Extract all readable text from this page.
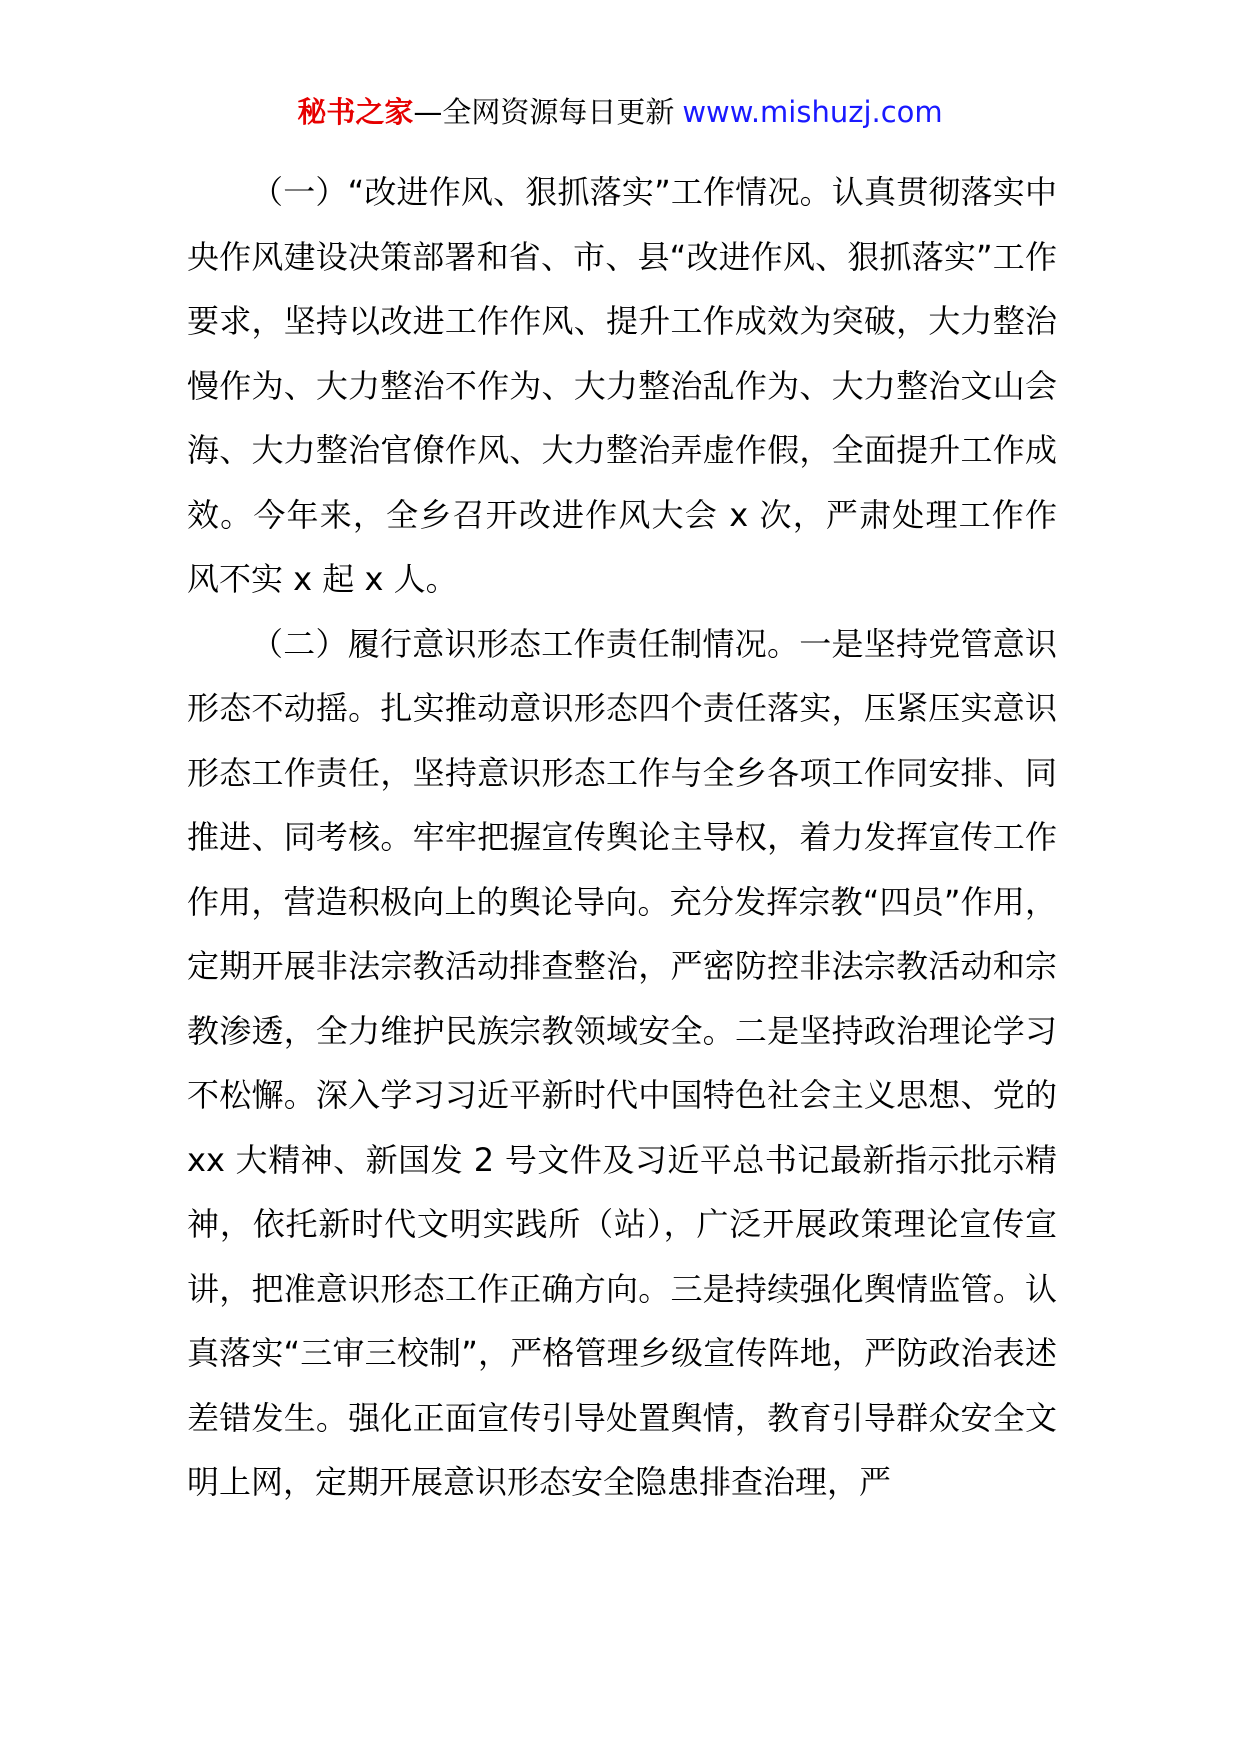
秘书之家—全网资源每日更新 www.mishuzj.com

（一）“改进作风、狠抓落实”工作情况。认真贯彻落实中央作风建设决策部署和省、市、县“改进作风、狠抓落实”工作要求，坚持以改进工作作风、提升工作成效为突破，大力整治慢作为、大力整治不作为、大力整治乱作为、大力整治文山会海、大力整治官僚作风、大力整治弄虚作假，全面提升工作成效。今年来，全乡召开改进作风大会 x 次，严肃处理工作作风不实 x 起 x 人。

（二）履行意识形态工作责任制情况。一是坚持党管意识形态不动摇。扎实推动意识形态四个责任落实，压紧压实意识形态工作责任，坚持意识形态工作与全乡各项工作同安排、同推进、同考核。牢牢把握宣传舆论主导权，着力发挥宣传工作作用，营造积极向上的舆论导向。充分发挥宗教“四员”作用，定期开展非法宗教活动排查整治，严密防控非法宗教活动和宗教渗透，全力维护民族宗教领域安全。二是坚持政治理论学习不松懈。深入学习习近平新时代中国特色社会主义思想、党的 xx 大精神、新国发 2 号文件及习近平总书记最新指示批示精神，依托新时代文明实践所（站），广泛开展政策理论宣传宣讲，把准意识形态工作正确方向。三是持续强化舆情监管。认真落实“三审三校制”，严格管理乡级宣传阵地，严防政治表述差错发生。强化正面宣传引导处置舆情，教育引导群众安全文明上网，定期开展意识形态安全隐患排查治理，严
